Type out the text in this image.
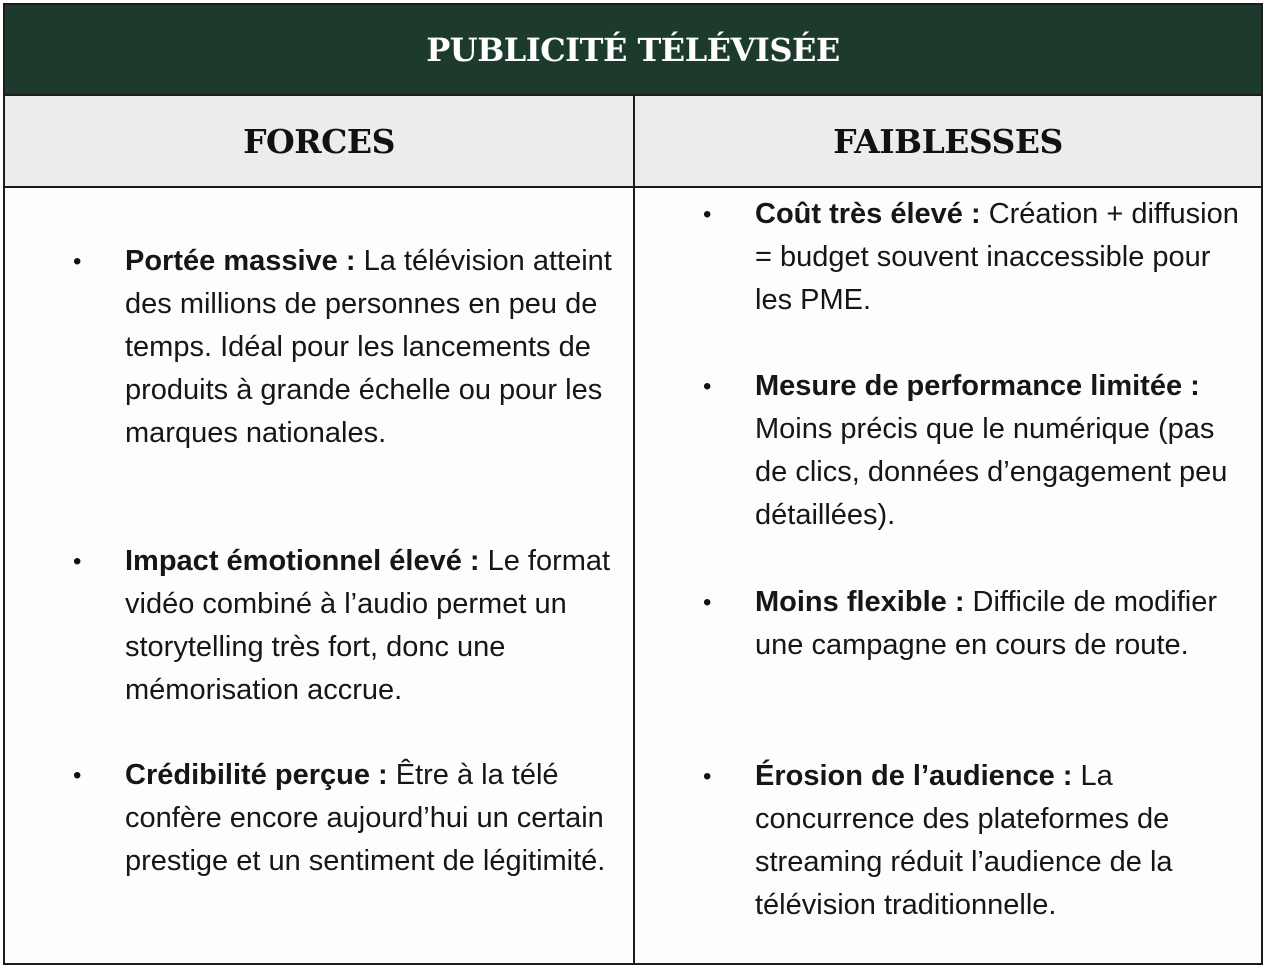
PUBLICITÉ TÉLÉVISÉE
FORCES	FAIBLESSES
• Portée massive : La télévision atteint des millions de personnes en peu de temps. Idéal pour les lancements de produits à grande échelle ou pour les marques nationales.
• Impact émotionnel élevé : Le format vidéo combiné à l’audio permet un storytelling très fort, donc une mémorisation accrue.
• Crédibilité perçue : Être à la télé confère encore aujourd’hui un certain prestige et un sentiment de légitimité.
• Coût très élevé : Création + diffusion = budget souvent inaccessible pour les PME.
• Mesure de performance limitée : Moins précis que le numérique (pas de clics, données d’engagement peu détaillées).
• Moins flexible : Difficile de modifier une campagne en cours de route.
• Érosion de l’audience : La concurrence des plateformes de streaming réduit l’audience de la télévision traditionnelle.
